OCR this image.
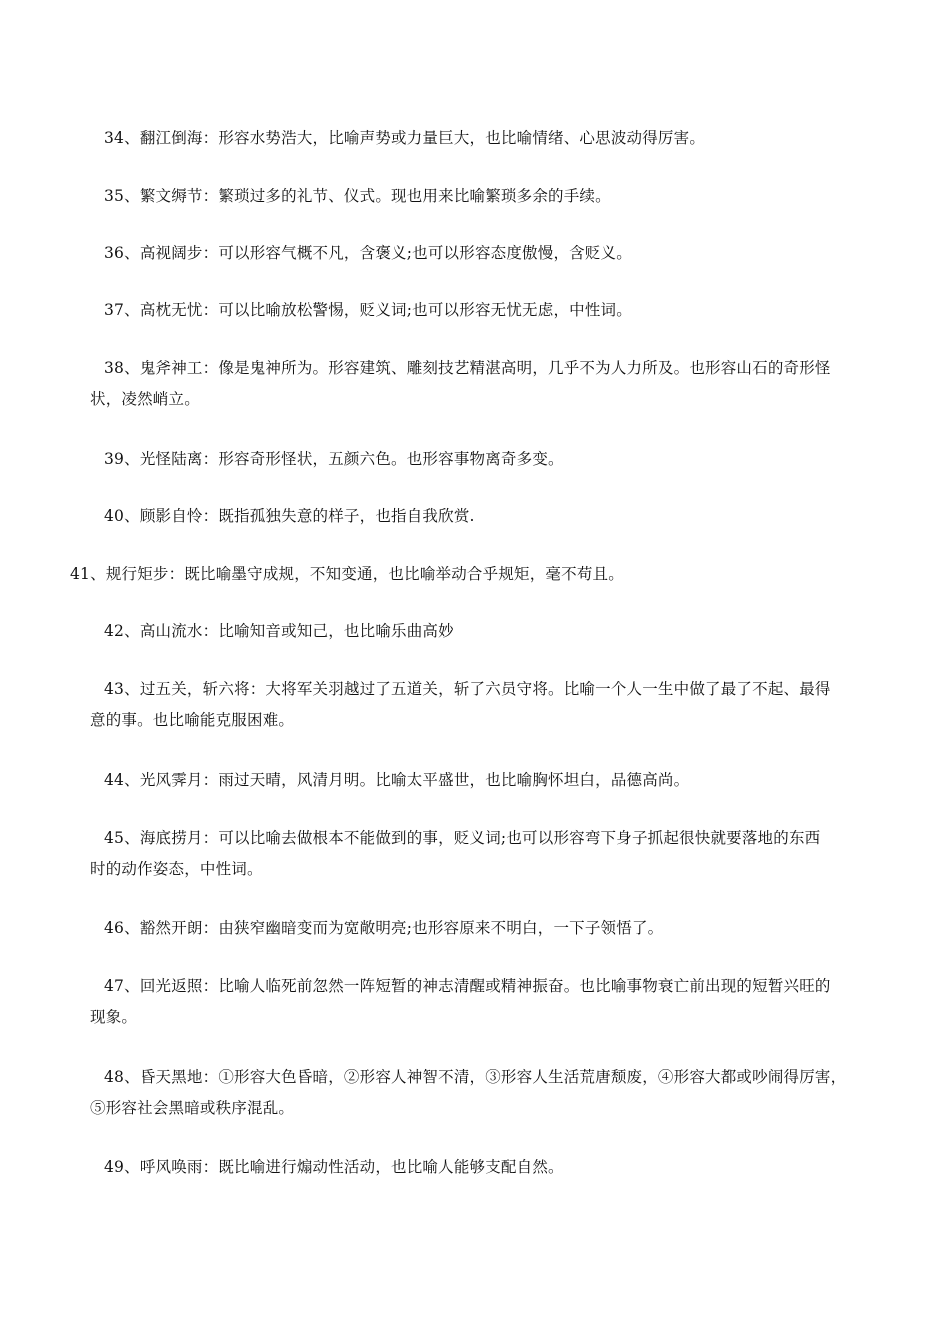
34、翻江倒海：形容水势浩大，比喻声势或力量巨大，也比喻情绪、心思波动得厉害。
35、繁文缛节：繁琐过多的礼节、仪式。现也用来比喻繁琐多余的手续。
36、高视阔步：可以形容气概不凡，含褒义;也可以形容态度傲慢，含贬义。
37、高枕无忧：可以比喻放松警惕，贬义词;也可以形容无忧无虑，中性词。
38、鬼斧神工：像是鬼神所为。形容建筑、雕刻技艺精湛高明，几乎不为人力所及。也形容山石的奇形怪
状，凌然峭立。
39、光怪陆离：形容奇形怪状，五颜六色。也形容事物离奇多变。
40、顾影自怜：既指孤独失意的样子，也指自我欣赏.
41、规行矩步：既比喻墨守成规，不知变通，也比喻举动合乎规矩，毫不苟且。
42、高山流水：比喻知音或知己，也比喻乐曲高妙
43、过五关，斩六将：大将军关羽越过了五道关，斩了六员守将。比喻一个人一生中做了最了不起、最得
意的事。也比喻能克服困难。
44、光风霁月：雨过天晴，风清月明。比喻太平盛世，也比喻胸怀坦白，品德高尚。
45、海底捞月：可以比喻去做根本不能做到的事，贬义词;也可以形容弯下身子抓起很快就要落地的东西
时的动作姿态，中性词。
46、豁然开朗：由狭窄幽暗变而为宽敞明亮;也形容原来不明白，一下子领悟了。
47、回光返照：比喻人临死前忽然一阵短暂的神志清醒或精神振奋。也比喻事物衰亡前出现的短暂兴旺的
现象。
48、昏天黑地：①形容大色昏暗，②形容人神智不清，③形容人生活荒唐颓废，④形容大都或吵闹得厉害，
⑤形容社会黑暗或秩序混乱。
49、呼风唤雨：既比喻进行煽动性活动，也比喻人能够支配自然。
